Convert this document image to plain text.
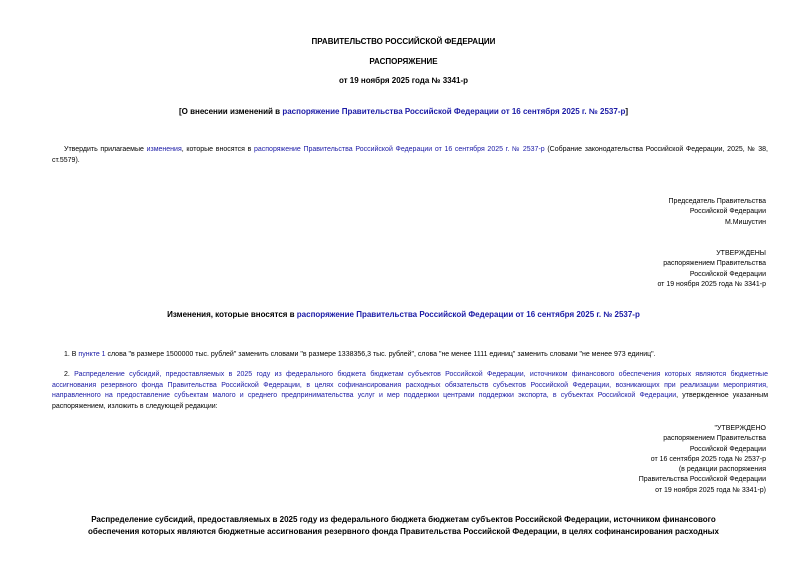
ПРАВИТЕЛЬСТВО РОССИЙСКОЙ ФЕДЕРАЦИИ
РАСПОРЯЖЕНИЕ
от 19 ноября 2025 года № 3341-р
[О внесении изменений в распоряжение Правительства Российской Федерации от 16 сентября 2025 г. № 2537-р]
Утвердить прилагаемые изменения, которые вносятся в распоряжение Правительства Российской Федерации от 16 сентября 2025 г. № 2537-р (Собрание законодательства Российской Федерации, 2025, № 38, ст.5579).
Председатель Правительства
Российской Федерации
М.Мишустин
УТВЕРЖДЕНЫ
распоряжением Правительства
Российской Федерации
от 19 ноября 2025 года № 3341-р
Изменения, которые вносятся в распоряжение Правительства Российской Федерации от 16 сентября 2025 г. № 2537-р
1. В пункте 1 слова "в размере 1500000 тыс. рублей" заменить словами "в размере 1338356,3 тыс. рублей", слова "не менее 1111 единиц" заменить словами "не менее 973 единиц".
2. Распределение субсидий, предоставляемых в 2025 году из федерального бюджета бюджетам субъектов Российской Федерации, источником финансового обеспечения которых являются бюджетные ассигнования резервного фонда Правительства Российской Федерации, в целях софинансирования расходных обязательств субъектов Российской Федерации, возникающих при реализации мероприятия, направленного на предоставление субъектам малого и среднего предпринимательства услуг и мер поддержки центрами поддержки экспорта, в субъектах Российской Федерации, утвержденное указанным распоряжением, изложить в следующей редакции:
"УТВЕРЖДЕНО
распоряжением Правительства
Российской Федерации
от 16 сентября 2025 года № 2537-р
(в редакции распоряжения
Правительства Российской Федерации
от 19 ноября 2025 года № 3341-р)
Распределение субсидий, предоставляемых в 2025 году из федерального бюджета бюджетам субъектов Российской Федерации, источником финансового
обеспечения которых являются бюджетные ассигнования резервного фонда Правительства Российской Федерации, в целях софинансирования расходных
